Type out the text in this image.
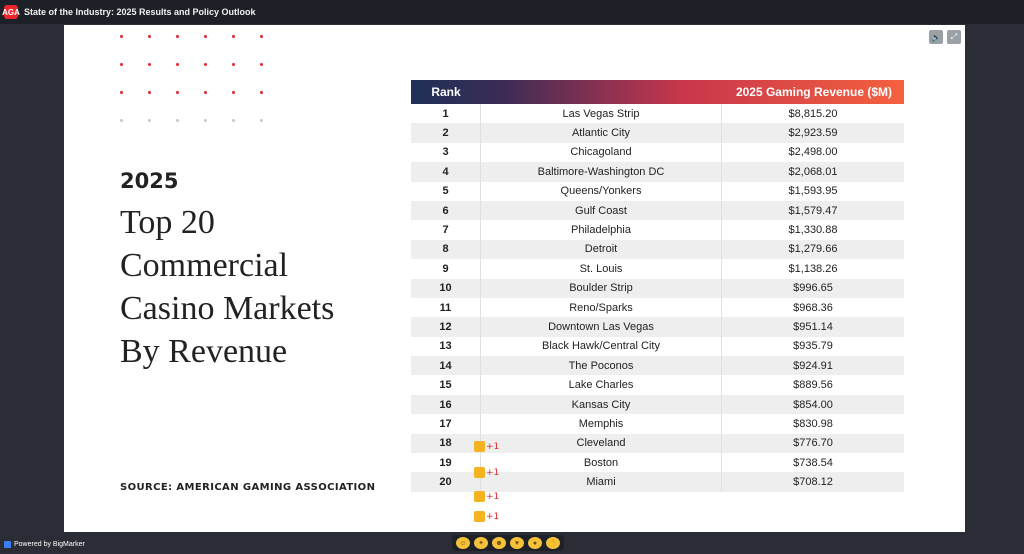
AGA State of the Industry: 2025 Results and Policy Outlook
2025
Top 20
Commercial
Casino Markets
By Revenue
SOURCE: AMERICAN GAMING ASSOCIATION
🔈	⤢
Rank	2025 Gaming Revenue ($M)
1	Las Vegas Strip	$8,815.20
2	Atlantic City	$2,923.59
3	Chicagoland	$2,498.00
4	Baltimore-Washington DC	$2,068.01
5	Queens/Yonkers	$1,593.95
6	Gulf Coast	$1,579.47
7	Philadelphia	$1,330.88
8	Detroit	$1,279.66
9	St. Louis	$1,138.26
10	Boulder Strip	$996.65
11	Reno/Sparks	$968.36
12	Downtown Las Vegas	$951.14
13	Black Hawk/Central City	$935.79
14	The Poconos	$924.91
15	Lake Charles	$889.56
16	Kansas City	$854.00
17	Memphis	$830.98
18	Cleveland	$776.70
19	Boston	$738.54
20	Miami	$708.12
+1
+1
+1
+1
Powered by BigMarker	☺	✦	☻	♥	●	✋
